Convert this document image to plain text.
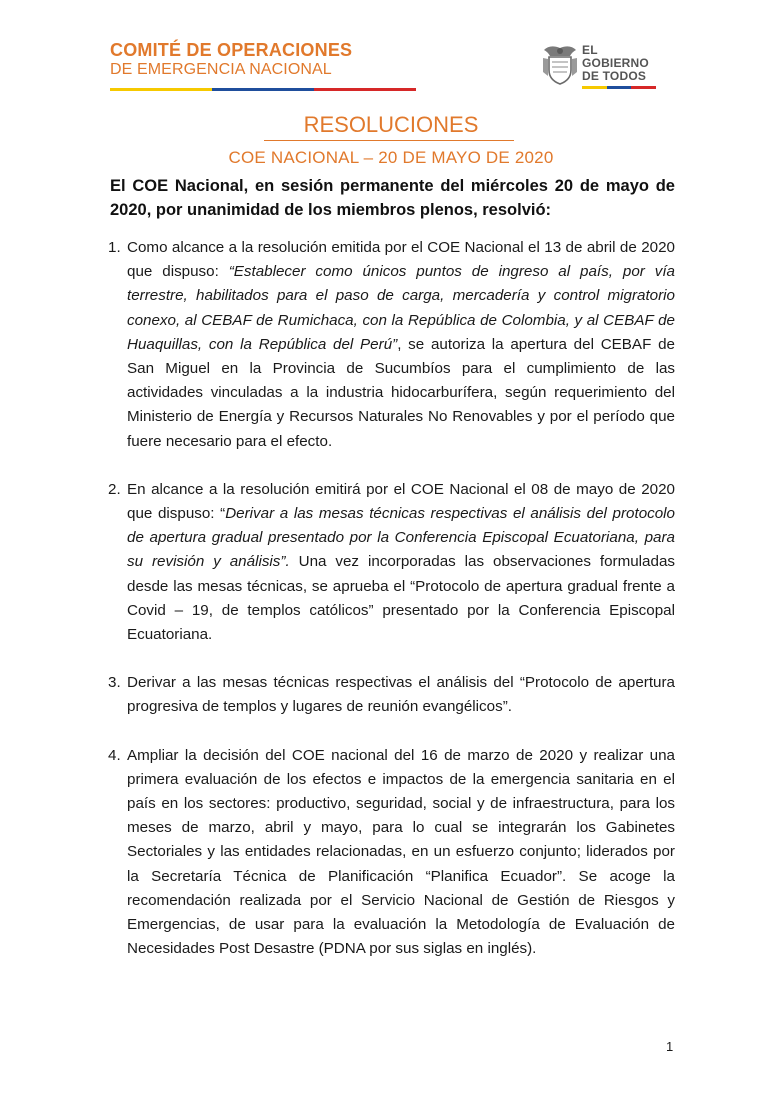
COMITÉ DE OPERACIONES
DE EMERGENCIA NACIONAL
EL
GOBIERNO
DE TODOS
RESOLUCIONES
COE NACIONAL – 20 DE MAYO DE 2020
El COE Nacional, en sesión permanente del miércoles 20 de mayo de 2020, por unanimidad de los miembros plenos, resolvió:
1. Como alcance a la resolución emitida por el COE Nacional el 13 de abril de 2020 que dispuso: “Establecer como únicos puntos de ingreso al país, por vía terrestre, habilitados para el paso de carga, mercadería y control migratorio conexo, al CEBAF de Rumichaca, con la República de Colombia, y al CEBAF de Huaquillas, con la República del Perú”, se autoriza la apertura del CEBAF de San Miguel en la Provincia de Sucumbíos para el cumplimiento de las actividades vinculadas a la industria hidocarburífera, según requerimiento del Ministerio de Energía y Recursos Naturales No Renovables y por el período que fuere necesario para el efecto.
2. En alcance a la resolución emitirá por el COE Nacional el 08 de mayo de 2020 que dispuso: “Derivar a las mesas técnicas respectivas el análisis del protocolo de apertura gradual presentado por la Conferencia Episcopal Ecuatoriana, para su revisión y análisis”. Una vez incorporadas las observaciones formuladas desde las mesas técnicas, se aprueba el “Protocolo de apertura gradual frente a Covid – 19, de templos católicos” presentado por la Conferencia Episcopal Ecuatoriana.
3. Derivar a las mesas técnicas respectivas el análisis del “Protocolo de apertura progresiva de templos y lugares de reunión evangélicos”.
4. Ampliar la decisión del COE nacional del 16 de marzo de 2020 y realizar una primera evaluación de los efectos e impactos de la emergencia sanitaria en el país en los sectores: productivo, seguridad, social y de infraestructura, para los meses de marzo, abril y mayo, para lo cual se integrarán los Gabinetes Sectoriales y las entidades relacionadas, en un esfuerzo conjunto; liderados por la Secretaría Técnica de Planificación “Planifica Ecuador”. Se acoge la recomendación realizada por el Servicio Nacional de Gestión de Riesgos y Emergencias, de usar para la evaluación la Metodología de Evaluación de Necesidades Post Desastre (PDNA por sus siglas en inglés).
1
